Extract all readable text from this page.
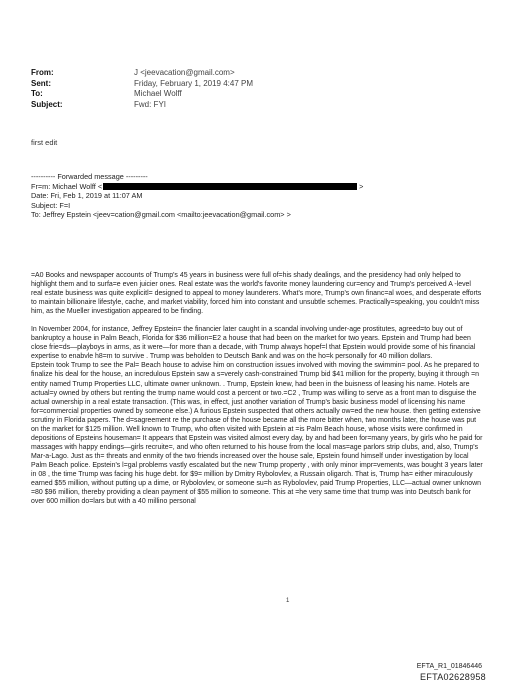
From:	J <jeevacation@gmail.com>
Sent:	Friday, February 1, 2019 4:47 PM
To:	Michael Wolff
Subject:	Fwd: FYI
first edit
---------- Forwarded message ---------
Fr=m: Michael Wolff <	>
Date: Fri, Feb 1, 2019 at 11:07 AM
Subject: F=I
To: Jeffrey Epstein <jeev=cation@gmail.com <mailto:jeevacation@gmail.com> >

=A0 Books and newspaper accounts of Trump's 45 years in business were full of=his shady dealings, and the presidency had only helped to highlight them and to surfa=e even juicier ones. Real estate was the world's favorite money laundering cur=ency and Trump's perceived A -level real estate business was quite explicitl= designed to appeal to money launderers. What's more, Trump's own financ=al woes, and desperate efforts to maintain billionaire lifestyle, cache, and market viability, forced him into constant and unsubtle schemes. Practically=speaking, you couldn't miss him, as the Mueller investigation appeared to be finding.

In November 2004, for instance, Jeffrey Epstein= the financier later caught in a scandal involving under-age prostitutes, agreed=to buy out of bankruptcy a house in Palm Beach, Florida for $36 million=E2 a house that had been on the market for two years. Epstein and Trump had been close frie=ds—playboys in arms, as it were—for more than a decade, with Trump always hopef=l that Epstein would provide some of his financial expertise to enabvle h8=m to survive . Trump was beholden to Deutsch Bank and was on the ho=k personally for 40 million dollars.

Epstein took Trump to see the Pal= Beach house to advise him on construction issues involved with moving the swimmin= pool. As he prepared to finalize his deal for the house, an incredulous Epstein saw a s=verely cash-constrained Trump bid $41 million for the property, buying it through =n entity named Trump Properties LLC, ultimate owner unknown. . Trump, Epstein knew, had been in the buisness of leasing his name. Hotels are actual=y owned by others but renting the trump name would cost a percent or two.=C2 , Trump was willing to serve as a front man to disguise the actual ownership in a real estate transaction. (This was, in effect, just another variation of Trump's basic business model of licensing his name for=commercial properties owned by someone else.) A furious Epstein suspected that others actually ow=ed the new house. then getting extensive scrutiny in Florida papers. The d=sagreement re the purchase of the house became all the more bitter when, two months later, the house was put on the market for $125 million. Well known to Trump, who often visited with Epstein at =is Palm Beach house, whose visits were confirmed in depositions of Epsteins houseman= It appears that Epstein was visited almost every day, by and had been for=many years, by girls who he paid for massages with happy endings—girls recruite=, and who often returned to his house from the local mas=age parlors strip clubs, and, also, Trump's Mar-a-Lago. Just as th= threats and enmity of the two friends increased over the house sale, Epstein found himself under investigation by local Palm Beach police. Epstein's l=gal problems vastly escalated but the new Trump property , with only minor impr=vements, was bought 3 years later in 08 , the time Trump was facing his huge debt. for $9= million by Dmitry Rybolovlev, a Russain oligarch. That is, Trump ha= either miraculously earned $55 million, without putting up a dime, or Rybolovlev, or someone su=h as Rybolovlev, paid Trump Properties, LLC—actual owner unknown =80 $96 million, thereby providing a clean payment of $55 million to someone. This at =he very same time that trump was into Deutsch bank for over 600 million do=lars but with a 40 millino personal

1
EFTA_R1_01846446
EFTA02628958
